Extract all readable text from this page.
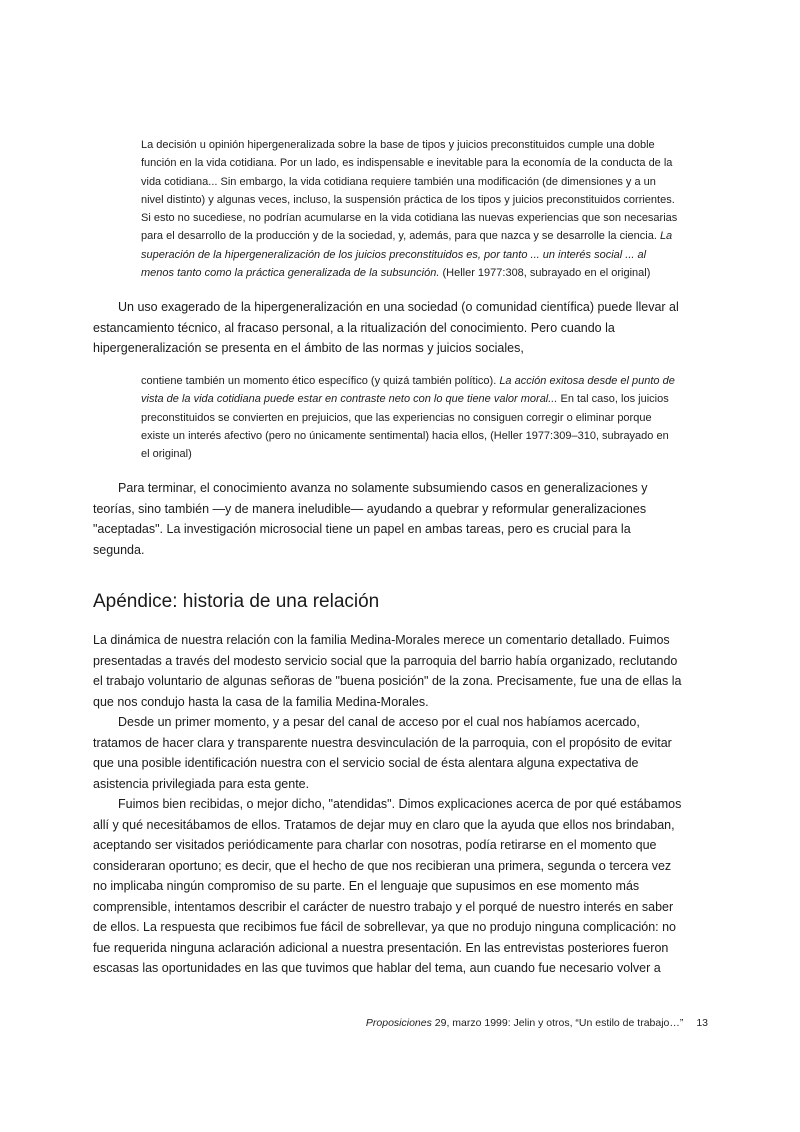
La decisión u opinión hipergeneralizada sobre la base de tipos y juicios preconstituidos cumple una doble función en la vida cotidiana. Por un lado, es indispensable e inevitable para la economía de la conducta de la vida cotidiana... Sin embargo, la vida cotidiana requiere también una modificación (de dimensiones y a un nivel distinto) y algunas veces, incluso, la suspensión práctica de los tipos y juicios preconstituidos corrientes. Si esto no sucediese, no podrían acumularse en la vida cotidiana las nuevas experiencias que son necesarias para el desarrollo de la producción y de la sociedad, y, además, para que nazca y se desarrolle la ciencia. La superación de la hipergeneralización de los juicios preconstituidos es, por tanto ... un interés social ... al menos tanto como la práctica generalizada de la subsunción. (Heller 1977:308, subrayado en el original)

Un uso exagerado de la hipergeneralización en una sociedad (o comunidad científica) puede llevar al estancamiento técnico, al fracaso personal, a la ritualización del conocimiento. Pero cuando la hipergeneralización se presenta en el ámbito de las normas y juicios sociales,

contiene también un momento ético específico (y quizá también político). La acción exitosa desde el punto de vista de la vida cotidiana puede estar en contraste neto con lo que tiene valor moral... En tal caso, los juicios preconstituidos se convierten en prejuicios, que las experiencias no consiguen corregir o eliminar porque existe un interés afectivo (pero no únicamente sentimental) hacia ellos, (Heller 1977:309–310, subrayado en el original)

Para terminar, el conocimiento avanza no solamente subsumiendo casos en generalizaciones y teorías, sino también —y de manera ineludible— ayudando a quebrar y reformular generalizaciones "aceptadas". La investigación microsocial tiene un papel en ambas tareas, pero es crucial para la segunda.

Apéndice: historia de una relación

La dinámica de nuestra relación con la familia Medina-Morales merece un comentario detallado. Fuimos presentadas a través del modesto servicio social que la parroquia del barrio había organizado, reclutando el trabajo voluntario de algunas señoras de "buena posición" de la zona. Precisamente, fue una de ellas la que nos condujo hasta la casa de la familia Medina-Morales.

Desde un primer momento, y a pesar del canal de acceso por el cual nos habíamos acercado, tratamos de hacer clara y transparente nuestra desvinculación de la parroquia, con el propósito de evitar que una posible identificación nuestra con el servicio social de ésta alentara alguna expectativa de asistencia privilegiada para esta gente.

Fuimos bien recibidas, o mejor dicho, "atendidas". Dimos explicaciones acerca de por qué estábamos allí y qué necesitábamos de ellos. Tratamos de dejar muy en claro que la ayuda que ellos nos brindaban, aceptando ser visitados periódicamente para charlar con nosotras, podía retirarse en el momento que consideraran oportuno; es decir, que el hecho de que nos recibieran una primera, segunda o tercera vez no implicaba ningún compromiso de su parte. En el lenguaje que supusimos en ese momento más comprensible, intentamos describir el carácter de nuestro trabajo y el porqué de nuestro interés en saber de ellos. La respuesta que recibimos fue fácil de sobrellevar, ya que no produjo ninguna complicación: no fue requerida ninguna aclaración adicional a nuestra presentación. En las entrevistas posteriores fueron escasas las oportunidades en las que tuvimos que hablar del tema, aun cuando fue necesario volver a

Proposiciones 29, marzo 1999: Jelin y otros, “Un estilo de trabajo…” 13
